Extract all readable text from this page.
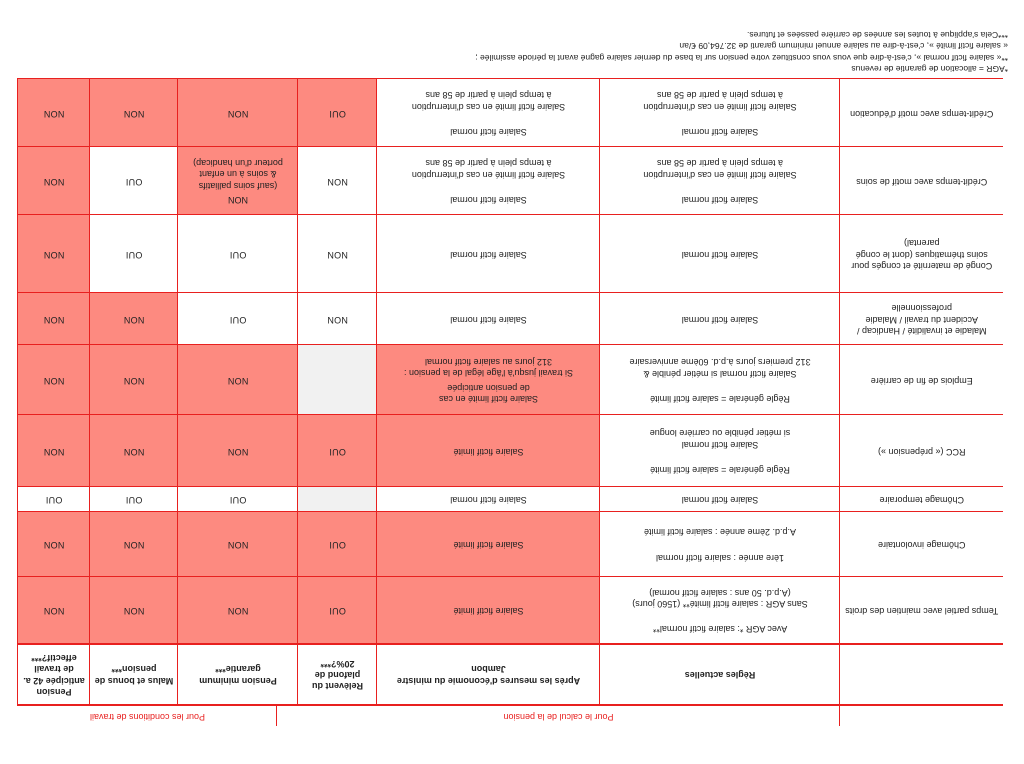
Pour le calcul de la pension
Pour les conditions de travail
	Règles actuelles	Après les mesures d'économie du ministre Jambon	Relèvent du plafond de 20%?***	Pension minimum garantie***	Malus et bonus de pension***	Pension anticipée 42 a. de travail effectif?***
Temps partiel avec maintien des droits	Avec AGR *: salaire fictif normal**
Sans AGR : salaire fictif limité** (1560 jours)
(A.p.d. 50 ans : salaire fictif normal)	Salaire fictif limité	OUI	NON	NON	NON
Chômage involontaire	1ère année : salaire fictif normal
A.p.d. 2ème année : salaire fictif limité	Salaire fictif limité	OUI	NON	NON	NON
Chômage temporaire	Salaire fictif normal	Salaire fictif normal		OUI	OUI	OUI
RCC (« prépension »)	Règle générale = salaire fictif limité
Salaire fictif normal
si métier pénible ou carrière longue	Salaire fictif limité	OUI	NON	NON	NON
Emplois de fin de carrière	Règle générale = salaire fictif limité
Salaire fictif normal si métier pénible &
312 premiers jours à.p.d. 60ème anniversaire	Salaire fictif limité en cas
de pension anticipée
Si travail jusqu'à l'âge légal de la pension :
312 jours au salaire fictif normal		NON	NON	NON
Maladie et invalidité / Handicap / Accident du travail / Maladie professionnelle	Salaire fictif normal	Salaire fictif normal	NON	OUI	NON	NON
Congé de maternité et congés pour soins thématiques (dont le congé parental)	Salaire fictif normal	Salaire fictif normal	NON	OUI	OUI	NON
Crédit-temps avec motif de soins	Salaire fictif normal
Salaire fictif limité en cas d'interruption
à temps plein à partir de 58 ans	Salaire fictif normal
Salaire fictif limité en cas d'interruption
à temps plein à partir de 58 ans	NON	NON
(sauf soins palliatifs
& soins à un enfant
porteur d'un handicap)	OUI	NON
Crédit-temps avec motif d'éducation	Salaire fictif normal
Salaire fictif limité en cas d'interruption
à temps plein à partir de 58 ans	Salaire fictif normal
Salaire fictif limité en cas d'interruption
à temps plein à partir de 58 ans	OUI	NON	NON	NON
*AGR = allocation de garantie de revenus
**« salaire fictif normal », c'est-à-dire que vous vous constituez votre pension sur la base du dernier salaire gagné avant la période assimilée ;
« salaire fictif limité », c'est-à-dire au salaire annuel minimum garanti de 32.764,09 €/an
***Cela s'applique à toutes les années de carrière passées et futures.
